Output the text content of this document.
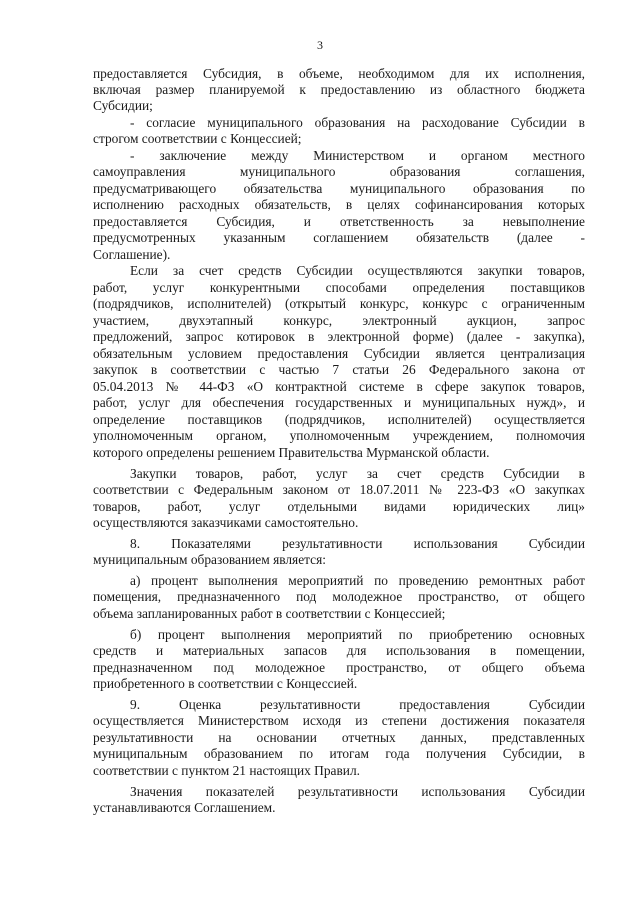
3
предоставляется Субсидия, в объеме, необходимом для их исполнения,
включая размер планируемой к предоставлению из областного бюджета
Субсидии;
- согласие муниципального образования на расходование Субсидии в
строгом соответствии с Концессией;
- заключение между Министерством и органом местного
самоуправления муниципального образования соглашения,
предусматривающего обязательства муниципального образования по
исполнению расходных обязательств, в целях софинансирования которых
предоставляется Субсидия, и ответственность за невыполнение
предусмотренных указанным соглашением обязательств (далее -
Соглашение).
Если за счет средств Субсидии осуществляются закупки товаров,
работ, услуг конкурентными способами определения поставщиков
(подрядчиков, исполнителей) (открытый конкурс, конкурс с ограниченным
участием, двухэтапный конкурс, электронный аукцион, запрос
предложений, запрос котировок в электронной форме) (далее - закупка),
обязательным условием предоставления Субсидии является централизация
закупок в соответствии с частью 7 статьи 26 Федерального закона от
05.04.2013 № 44-ФЗ «О контрактной системе в сфере закупок товаров,
работ, услуг для обеспечения государственных и муниципальных нужд», и
определение поставщиков (подрядчиков, исполнителей) осуществляется
уполномоченным органом, уполномоченным учреждением, полномочия
которого определены решением Правительства Мурманской области.
Закупки товаров, работ, услуг за счет средств Субсидии в
соответствии с Федеральным законом от 18.07.2011 № 223-ФЗ «О закупках
товаров, работ, услуг отдельными видами юридических лиц»
осуществляются заказчиками самостоятельно.
8. Показателями результативности использования Субсидии
муниципальным образованием является:
а) процент выполнения мероприятий по проведению ремонтных работ
помещения, предназначенного под молодежное пространство, от общего
объема запланированных работ в соответствии с Концессией;
б) процент выполнения мероприятий по приобретению основных
средств и материальных запасов для использования в помещении,
предназначенном под молодежное пространство, от общего объема
приобретенного в соответствии с Концессией.
9. Оценка результативности предоставления Субсидии
осуществляется Министерством исходя из степени достижения показателя
результативности на основании отчетных данных, представленных
муниципальным образованием по итогам года получения Субсидии, в
соответствии с пунктом 21 настоящих Правил.
Значения показателей результативности использования Субсидии
устанавливаются Соглашением.
